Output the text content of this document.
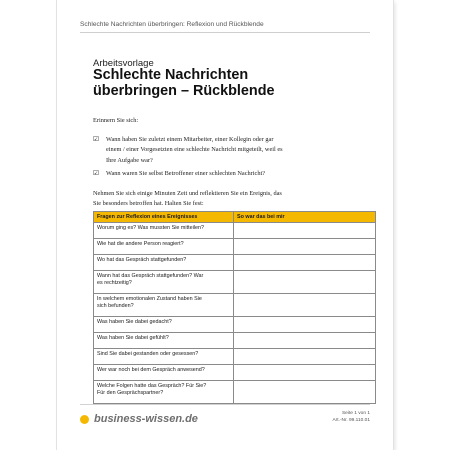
Schlechte Nachrichten überbringen: Reflexion und Rückblende
Arbeitsvorlage
Schlechte Nachrichten
überbringen – Rückblende
Erinnern Sie sich:
☑ Wann haben Sie zuletzt einem Mitarbeiter, einer Kollegin oder gar
einem / einer Vorgesetzten eine schlechte Nachricht mitgeteilt, weil es
Ihre Aufgabe war?
☑ Wann waren Sie selbst Betroffener einer schlechten Nachricht?
Nehmen Sie sich einige Minuten Zeit und reflektieren Sie ein Ereignis, das
Sie besonders betroffen hat. Halten Sie fest:
Fragen zur Reflexion eines Ereignisses	So war das bei mir

Worum ging es? Was mussten Sie mitteilen?	

Wie hat die andere Person reagiert?	

Wo hat das Gespräch stattgefunden?	

Wann hat das Gespräch stattgefunden? War
es rechtzeitig?	

In welchem emotionalen Zustand haben Sie
sich befunden?	

Was haben Sie dabei gedacht?	

Was haben Sie dabei gefühlt?	

Sind Sie dabei gestanden oder gesessen?	

Wer war noch bei dem Gespräch anwesend?	

Welche Folgen hatte das Gespräch? Für Sie?
Für den Gesprächspartner?	

business-wissen.de	Seite 1 von 1
Art.-Nr. 99.110.01
